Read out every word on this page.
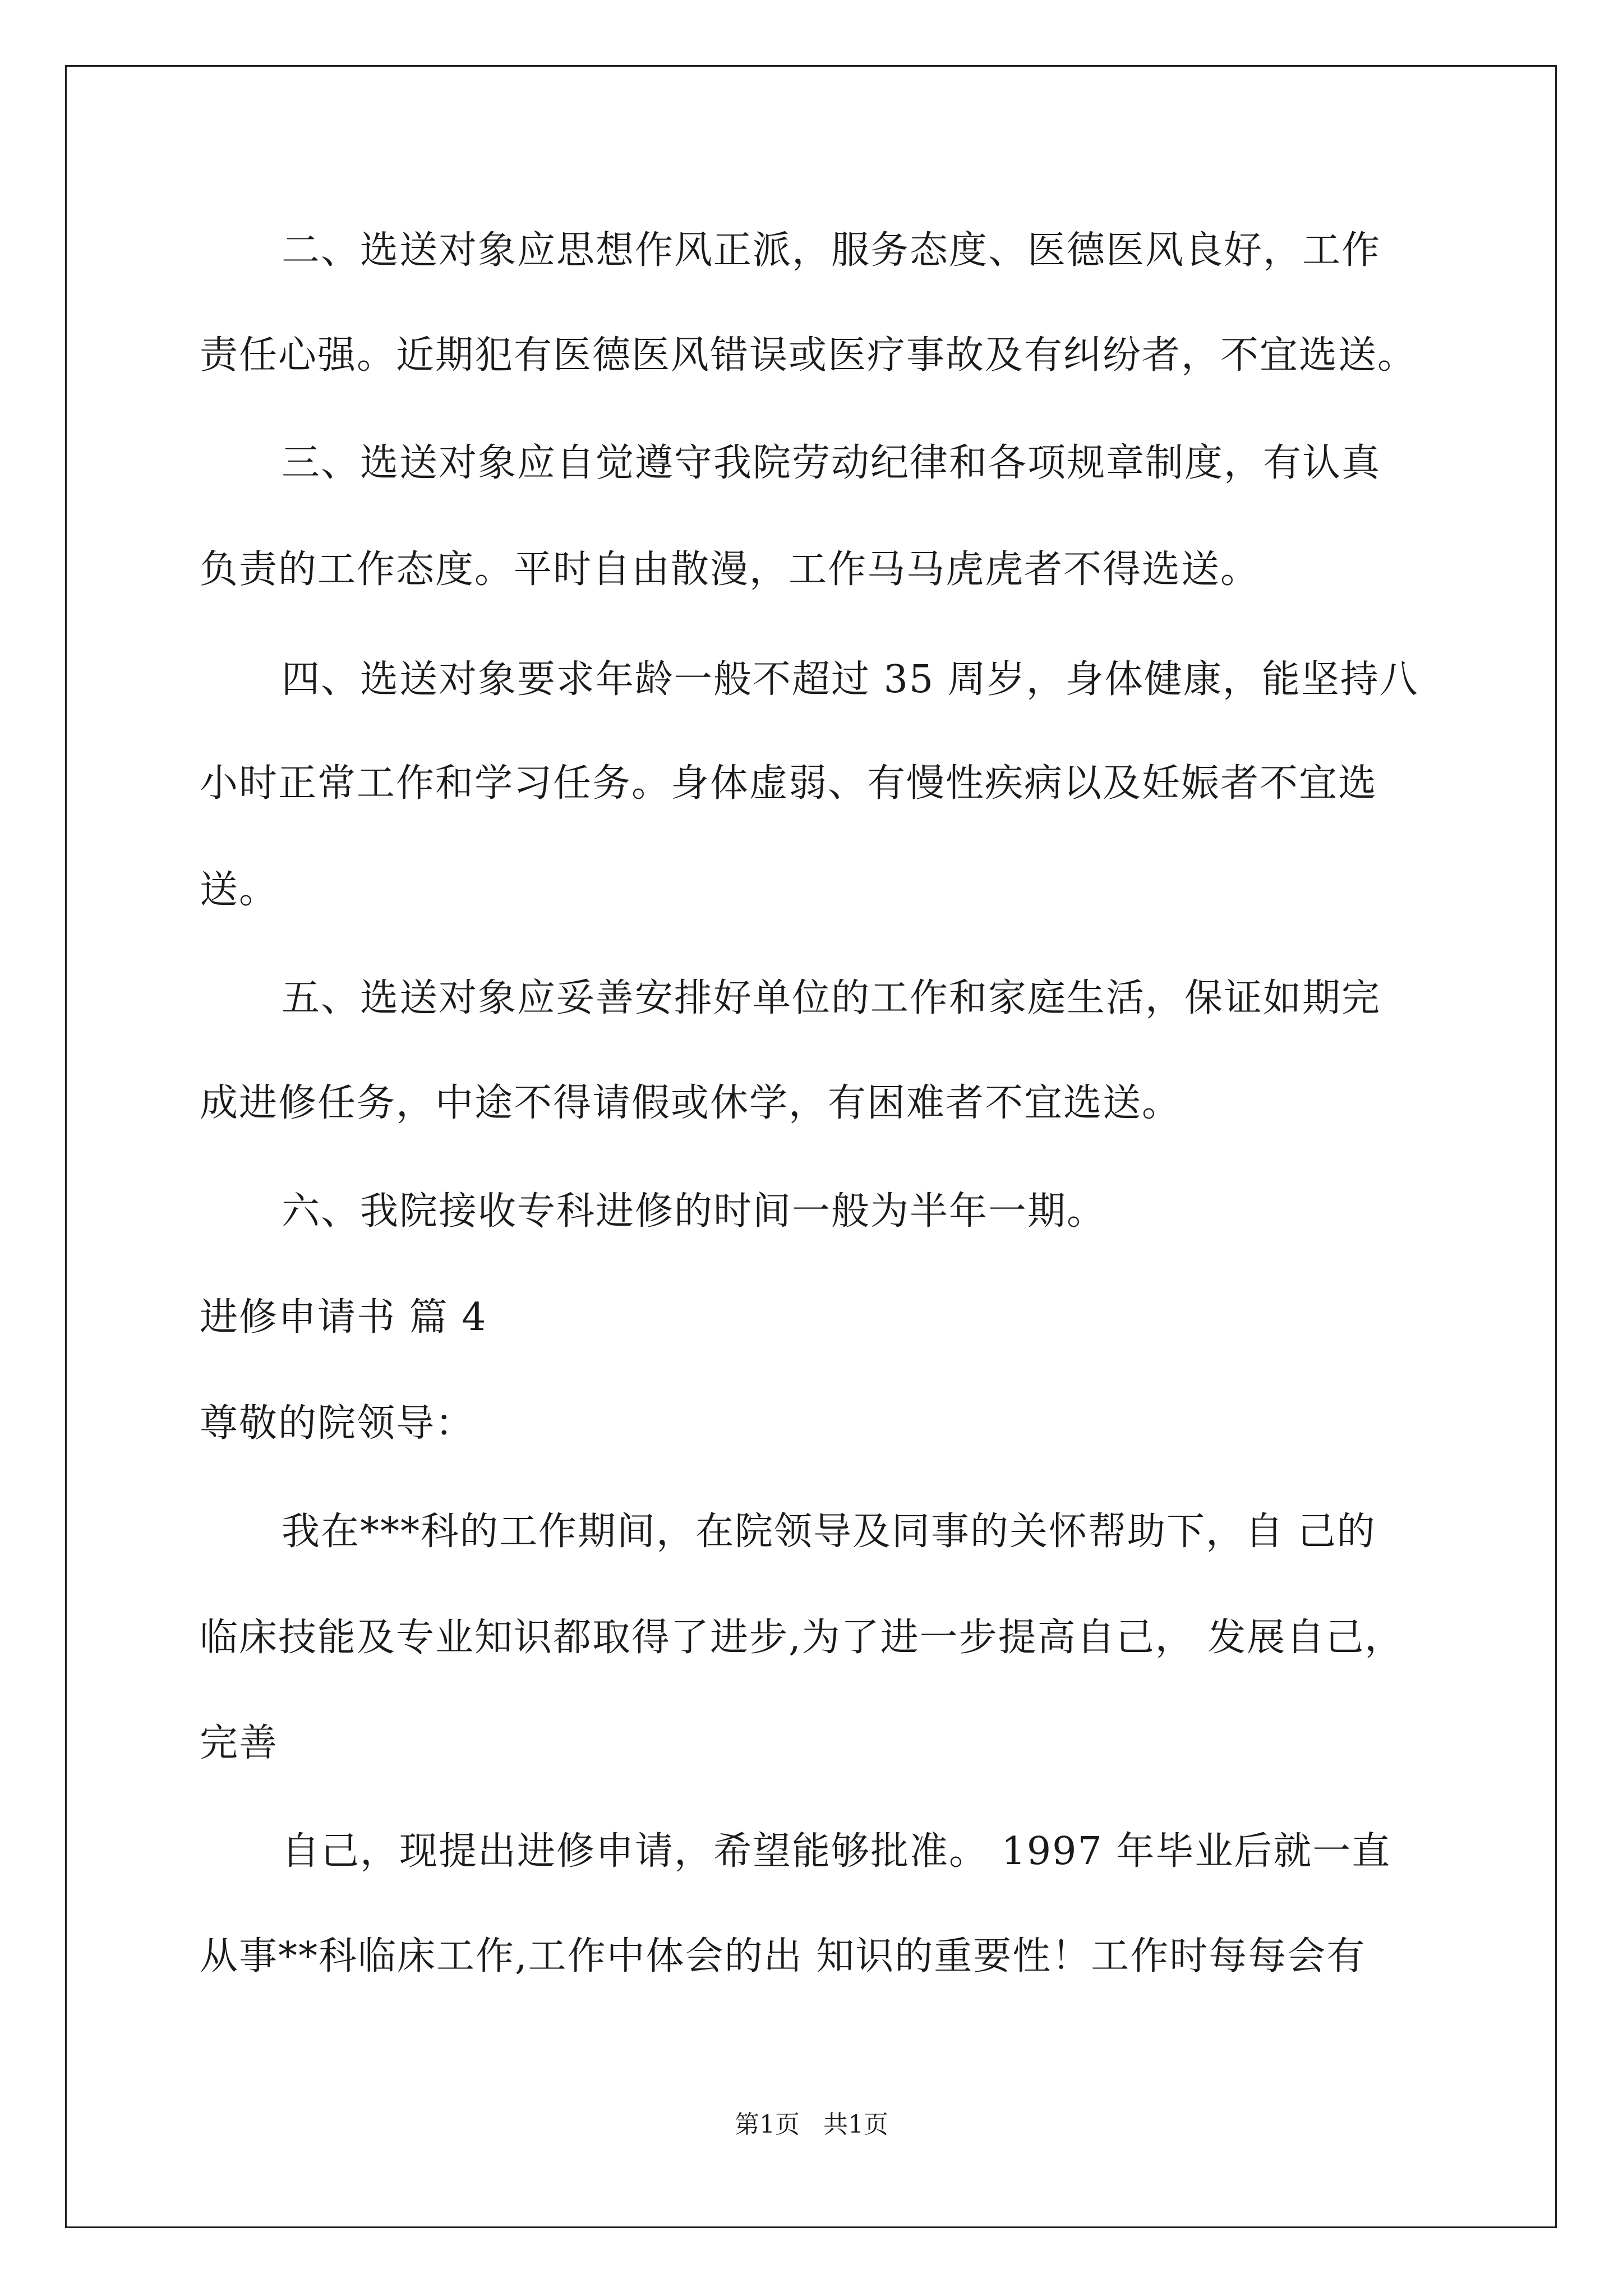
二、选送对象应思想作风正派，服务态度、医德医风良好，工作
责任心强。近期犯有医德医风错误或医疗事故及有纠纷者，不宜选送。
三、选送对象应自觉遵守我院劳动纪律和各项规章制度，有认真
负责的工作态度。平时自由散漫，工作马马虎虎者不得选送。
四、选送对象要求年龄一般不超过 35 周岁，身体健康，能坚持八
小时正常工作和学习任务。身体虚弱、有慢性疾病以及妊娠者不宜选
送。
五、选送对象应妥善安排好单位的工作和家庭生活，保证如期完
成进修任务，中途不得请假或休学，有困难者不宜选送。
六、我院接收专科进修的时间一般为半年一期。
进修申请书 篇 4
尊敬的院领导：
我在***科的工作期间，在院领导及同事的关怀帮助下，自 己的
临床技能及专业知识都取得了进步,为了进一步提高自己， 发展自己，
完善
自己，现提出进修申请，希望能够批准。 1997 年毕业后就一直
从事**科临床工作,工作中体会的出 知识的重要性！工作时每每会有
第1页   共1页
